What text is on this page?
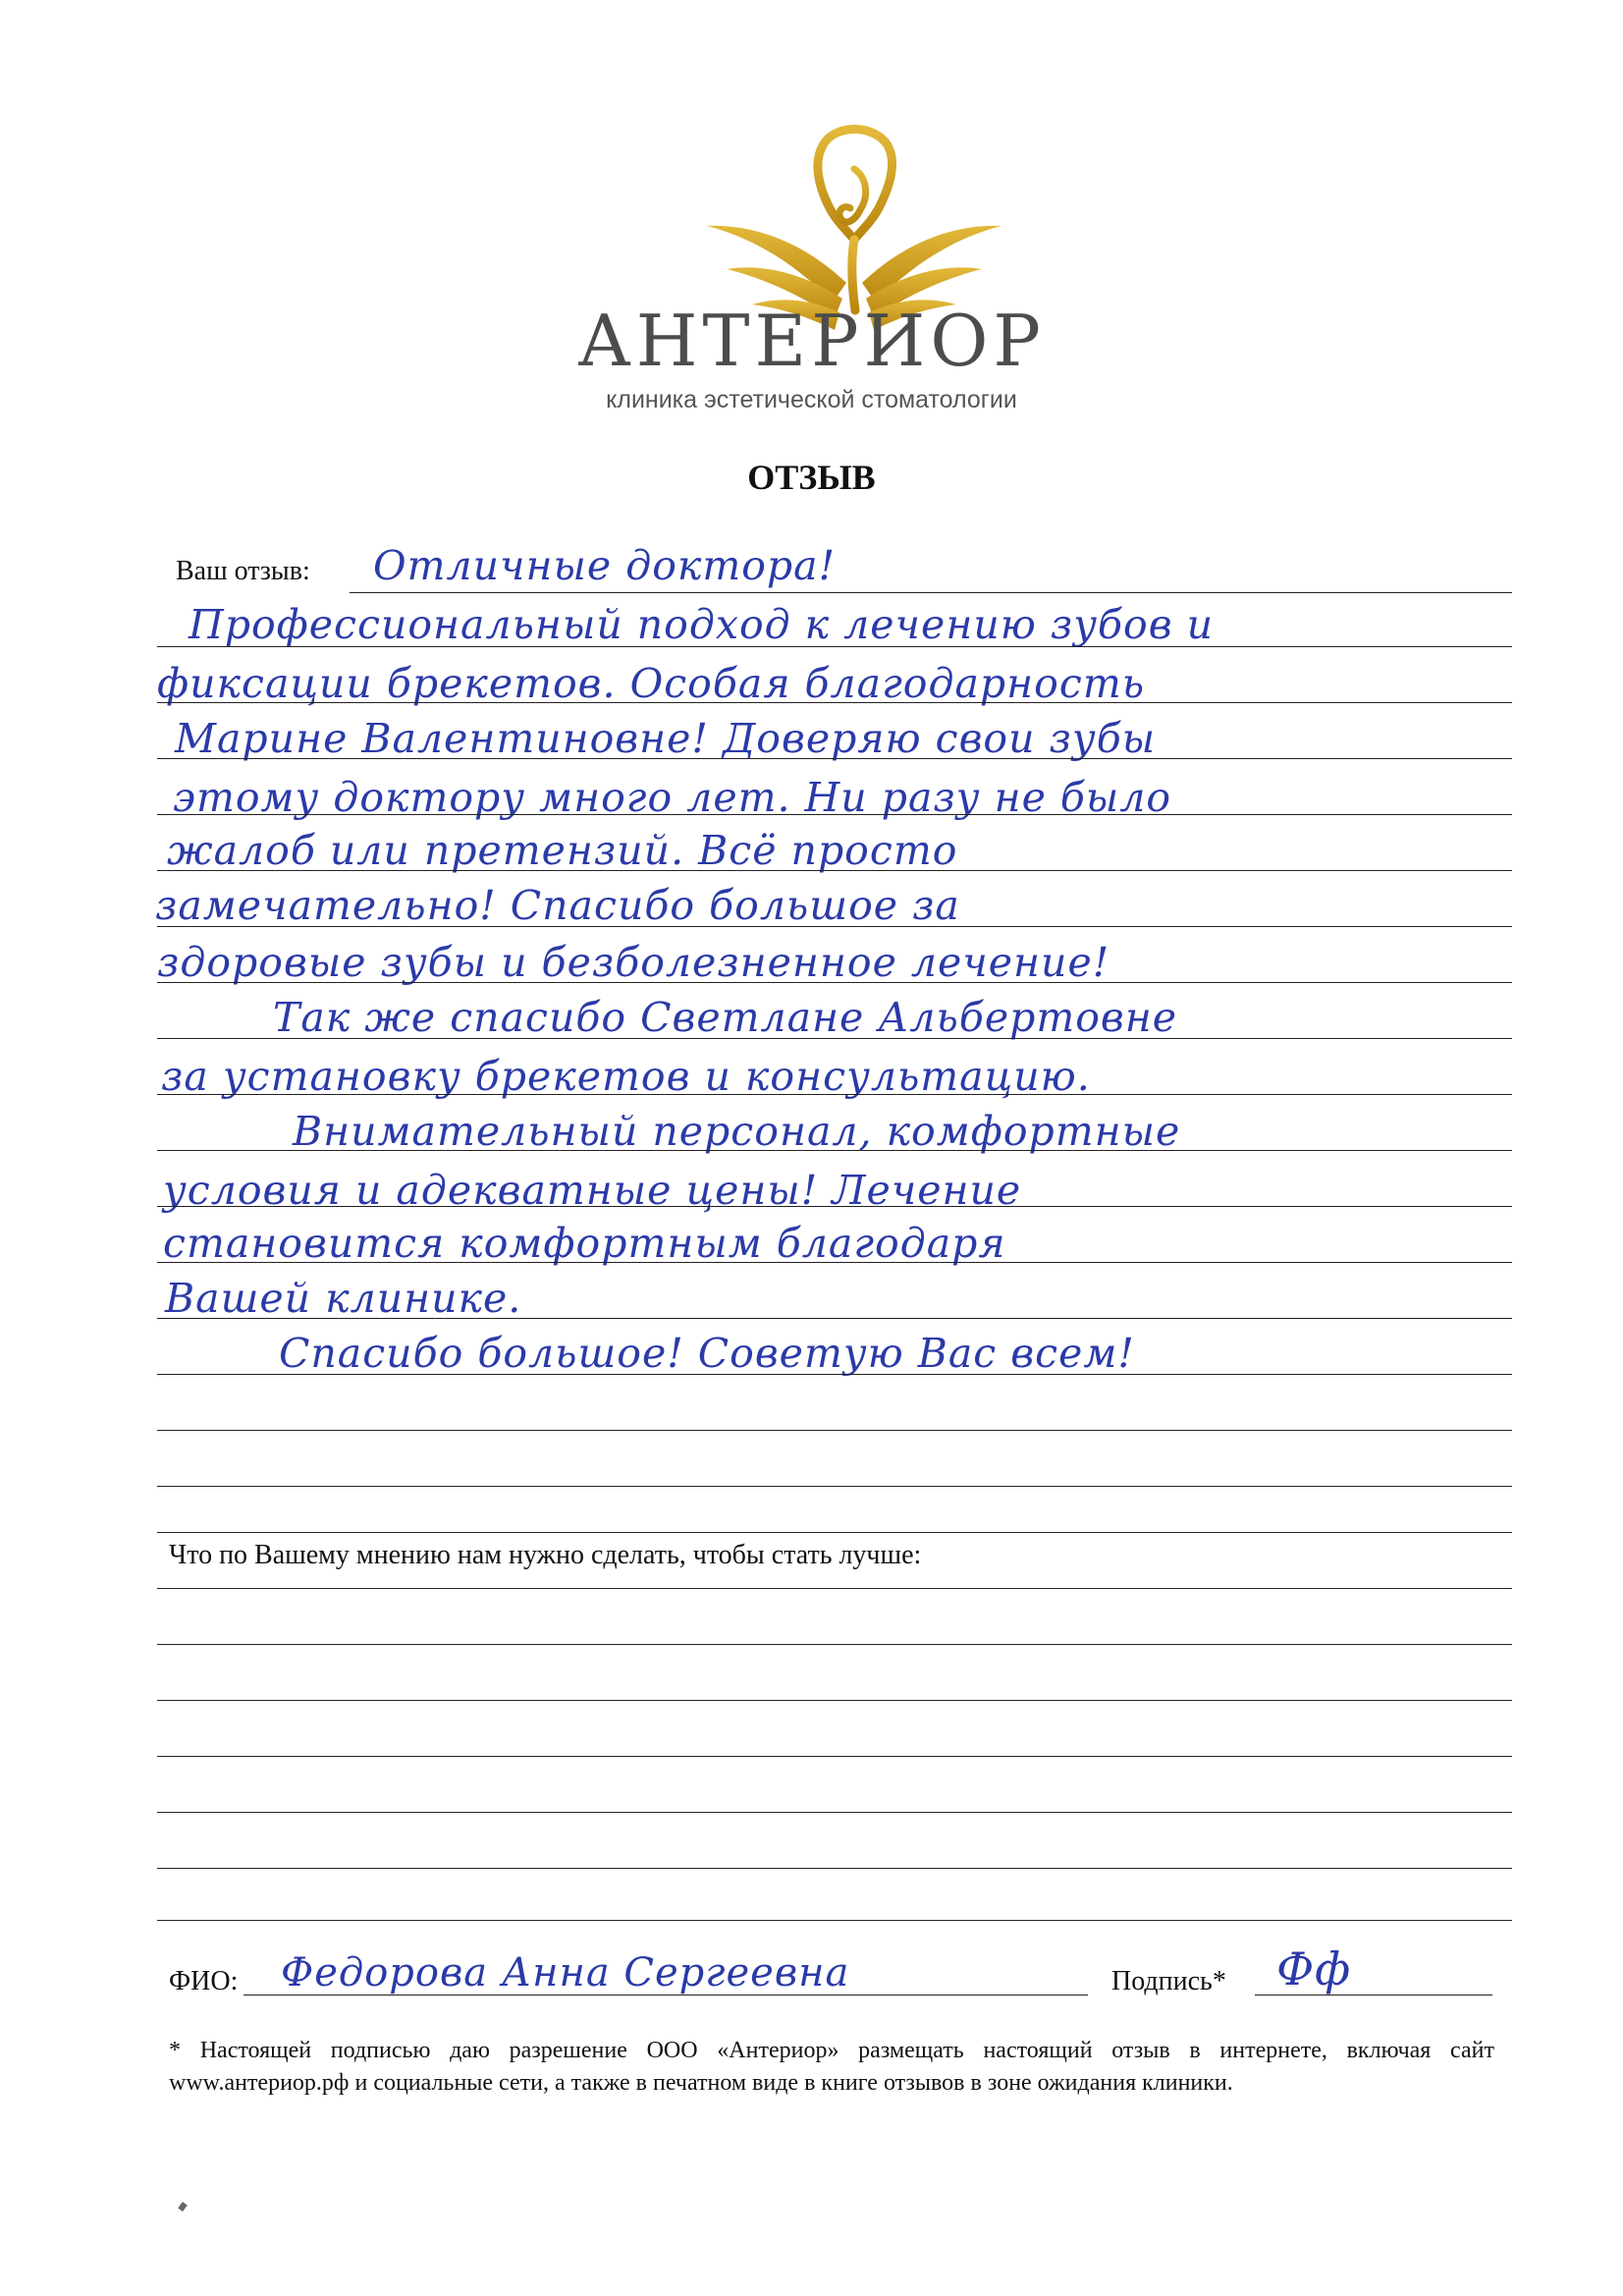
АНТЕРИОР
клиника эстетической стоматологии
ОТЗЫВ
Ваш отзыв: Отличные доктора!
Профессиональный подход к лечению зубов и
фиксации брекетов. Особая благодарность
Марине Валентиновне! Доверяю свои зубы
этому доктору много лет. Ни разу не было
жалоб или претензий. Всё просто
замечательно! Спасибо большое за
здоровые зубы и безболезненное лечение!
Так же спасибо Светлане Альбертовне
за установку брекетов и консультацию.
Внимательный персонал, комфортные
условия и адекватные цены! Лечение
становится комфортным благодаря
Вашей клинике.
Спасибо большое! Советую Вас всем!
Что по Вашему мнению нам нужно сделать, чтобы стать лучше:
ФИО: Федорова Анна Сергеевна	Подпись* Фф
* Настоящей подписью даю разрешение ООО «Антериор» размещать настоящий отзыв в интернете, включая сайт www.антериор.рф и социальные сети, а также в печатном виде в книге отзывов в зоне ожидания клиники.
